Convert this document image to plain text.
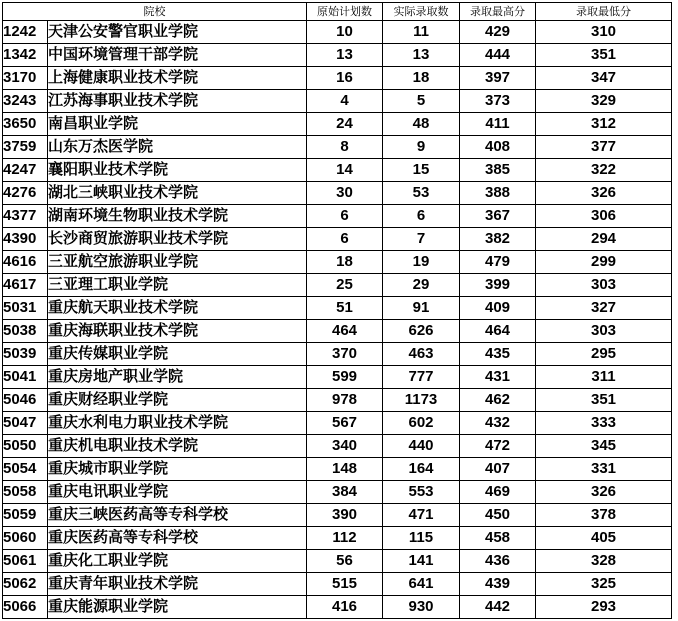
院校		原始计划数	实际录取数	录取最高分	录取最低分
1242	天津公安警官职业学院	10	11	429	310
1342	中国环境管理干部学院	13	13	444	351
3170	上海健康职业技术学院	16	18	397	347
3243	江苏海事职业技术学院	4	5	373	329
3650	南昌职业学院	24	48	411	312
3759	山东万杰医学院	8	9	408	377
4247	襄阳职业技术学院	14	15	385	322
4276	湖北三峡职业技术学院	30	53	388	326
4377	湖南环境生物职业技术学院	6	6	367	306
4390	长沙商贸旅游职业技术学院	6	7	382	294
4616	三亚航空旅游职业学院	18	19	479	299
4617	三亚理工职业学院	25	29	399	303
5031	重庆航天职业技术学院	51	91	409	327
5038	重庆海联职业技术学院	464	626	464	303
5039	重庆传媒职业学院	370	463	435	295
5041	重庆房地产职业学院	599	777	431	311
5046	重庆财经职业学院	978	1173	462	351
5047	重庆水利电力职业技术学院	567	602	432	333
5050	重庆机电职业技术学院	340	440	472	345
5054	重庆城市职业学院	148	164	407	331
5058	重庆电讯职业学院	384	553	469	326
5059	重庆三峡医药高等专科学校	390	471	450	378
5060	重庆医药高等专科学校	112	115	458	405
5061	重庆化工职业学院	56	141	436	328
5062	重庆青年职业技术学院	515	641	439	325
5066	重庆能源职业学院	416	930	442	293
